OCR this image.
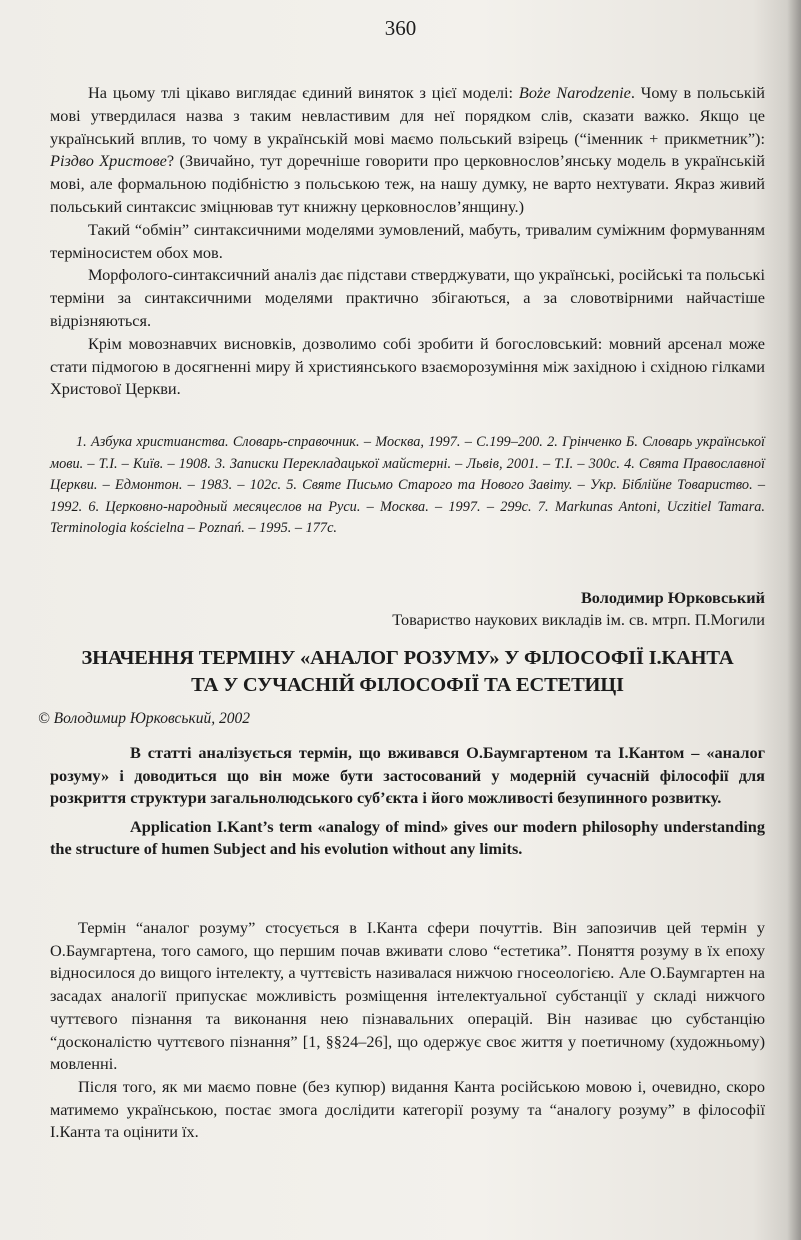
360

На цьому тлі цікаво виглядає єдиний виняток з цієї моделі: Boże Narodzenie. Чому в польській мові утвердилася назва з таким невластивим для неї порядком слів, сказати важко. Якщо це український вплив, то чому в українській мові маємо польський взірець (“іменник + прикметник”): Різдво Христове? (Звичайно, тут доречніше говорити про церковнослов’янську модель в українській мові, але формальною подібністю з польською теж, на нашу думку, не варто нехтувати. Якраз живий польський синтаксис зміцнював тут книжну церковнослов’янщину.)

Такий “обмін” синтаксичними моделями зумовлений, мабуть, тривалим суміжним формуванням терміносистем обох мов.

Морфолого-синтаксичний аналіз дає підстави стверджувати, що українські, російські та польські терміни за синтаксичними моделями практично збігаються, а за словотвірними найчастіше відрізняються.

Крім мовознавчих висновків, дозволимо собі зробити й богословський: мовний арсенал може стати підмогою в досягненні миру й християнського взаєморозуміння між західною і східною гілками Христової Церкви.

1. Азбука христианства. Словарь-справочник. – Москва, 1997. – С.199–200. 2. Грінченко Б. Словарь української мови. – Т.І. – Київ. – 1908. 3. Записки Перекладацької майстерні. – Львів, 2001. – Т.І. – 300с. 4. Свята Православної Церкви. – Едмонтон. – 1983. – 102с. 5. Святе Письмо Старого та Нового Завіту. – Укр. Біблійне Товариство. – 1992. 6. Церковно-народный месяцеслов на Руси. – Москва. – 1997. – 299с. 7. Markunas Antoni, Uczitiel Tamara. Terminologia kościelna – Poznań. – 1995. – 177с.
Володимир Юрковський
Товариство наукових викладів ім. св. мтрп. П.Могили
ЗНАЧЕННЯ ТЕРМІНУ «АНАЛОГ РОЗУМУ» У ФІЛОСОФІЇ І.КАНТА
ТА У СУЧАСНІЙ ФІЛОСОФІЇ ТА ЕСТЕТИЦІ
© Володимир Юрковський, 2002

В статті аналізується термін, що вживався О.Баумгартеном та І.Кантом – «аналог розуму» і доводиться що він може бути застосований у модерній сучасній філософії для розкриття структури загальнолюдського суб’єкта і його можливості безупинного розвитку.

Application I.Kant’s term «analogy of mind» gives our modern philosophy understanding the structure of humen Subject and his evolution without any limits.

Термін “аналог розуму” стосується в І.Канта сфери почуттів. Він запозичив цей термін у О.Баумгартена, того самого, що першим почав вживати слово “естетика”. Поняття розуму в їх епоху відносилося до вищого інтелекту, а чуттєвість називалася нижчою гносеологією. Але О.Баумгартен на засадах аналогії припускає можливість розміщення інтелектуальної субстанції у складі нижчого чуттєвого пізнання та виконання нею пізнавальних операцій. Він називає цю субстанцію “досконалістю чуттєвого пізнання” [1, §§24–26], що одержує своє життя у поетичному (художньому) мовленні.

Після того, як ми маємо повне (без купюр) видання Канта російською мовою і, очевидно, скоро матимемо українською, постає змога дослідити категорії розуму та “аналогу розуму” в філософії І.Канта та оцінити їх.
